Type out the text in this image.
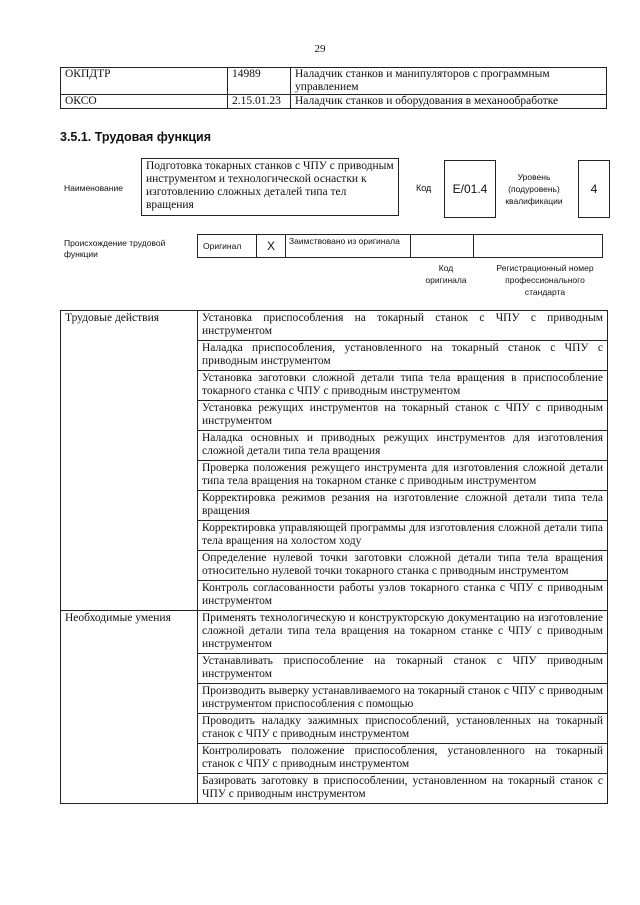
29
ОКПДТР	14989	Наладчик станков и манипуляторов с программным управлением
ОКСО	2.15.01.23	Наладчик станков и оборудования в механообработке
3.5.1. Трудовая функция
Наименование
Подготовка токарных станков с ЧПУ с приводным инструментом и технологической оснастки к изготовлению сложных деталей типа тел вращения
Код	E/01.4
Уровень (подуровень) квалификации
4
Происхождение трудовой функции
Оригинал	X	Заимствовано из оригинала
Код оригинала
Регистрационный номер профессионального стандарта
Трудовые действия	Установка приспособления на токарный станок с ЧПУ с приводным инструментом
	Наладка приспособления, установленного на токарный станок с ЧПУ с приводным инструментом
	Установка заготовки сложной детали типа тела вращения в приспособление токарного станка с ЧПУ с приводным инструментом
	Установка режущих инструментов на токарный станок с ЧПУ с приводным инструментом
	Наладка основных и приводных режущих инструментов для изготовления сложной детали типа тела вращения
	Проверка положения режущего инструмента для изготовления сложной детали типа тела вращения на токарном станке с приводным инструментом
	Корректировка режимов резания на изготовление сложной детали типа тела вращения
	Корректировка управляющей программы для изготовления сложной детали типа тела вращения на холостом ходу
	Определение нулевой точки заготовки сложной детали типа тела вращения относительно нулевой точки токарного станка с приводным инструментом
	Контроль согласованности работы узлов токарного станка с ЧПУ с приводным инструментом
Необходимые умения	Применять технологическую и конструкторскую документацию на изготовление сложной детали типа тела вращения на токарном станке с ЧПУ с приводным инструментом
	Устанавливать приспособление на токарный станок с ЧПУ приводным инструментом
	Производить выверку устанавливаемого на токарный станок с ЧПУ с приводным инструментом приспособления с помощью
	Проводить наладку зажимных приспособлений, установленных на токарный станок с ЧПУ с приводным инструментом
	Контролировать положение приспособления, установленного на токарный станок с ЧПУ с приводным инструментом
	Базировать заготовку в приспособлении, установленном на токарный станок с ЧПУ с приводным инструментом
